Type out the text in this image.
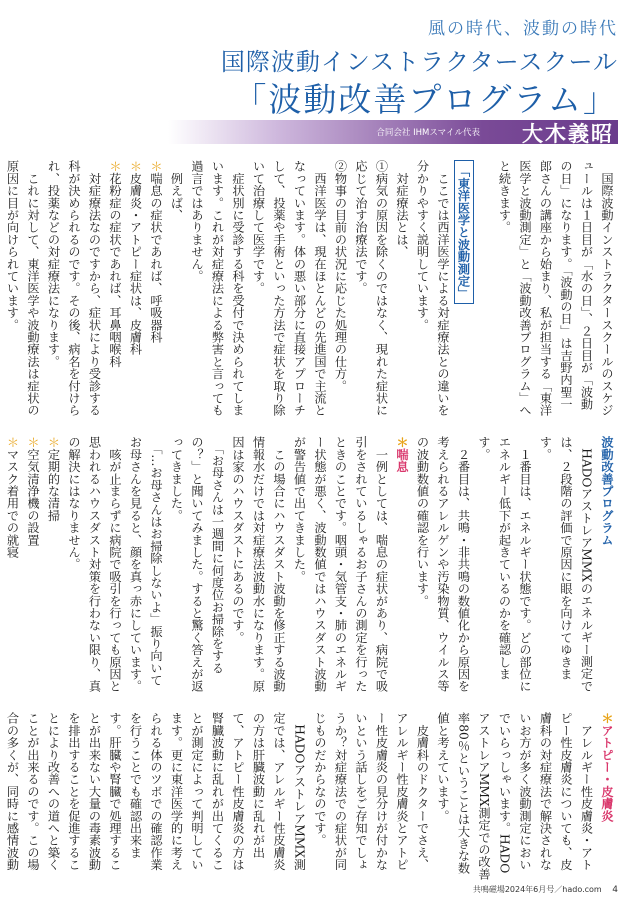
風の時代、波動の時代
国際波動インストラクタースクール
「波動改善プログラム」
合同会社 IHMスマイル代表 大木義昭

　国際波動インストラクタースクールのスケジュールは１日目が「水の日」、２日目が「波動の日」になります。「波動の日」は吉野内聖一郎さんの講座から始まり、私が担当する「東洋医学と波動測定」と「波動改善プログラム」へと続きます。

「東洋医学と波動測定」

　ここでは西洋医学による対症療法との違いを分かりやすく説明しています。

　対症療法とは、

①病気の原因を除くのではなく、現れた症状に応じて治す治療法です。

②物事の目前の状況に応じた処理の仕方。

　西洋医学は、現在ほとんどの先進国で主流となっています。体の悪い部分に直接アプローチして、投薬や手術といった方法で症状を取り除いて治療して医学です。

　症状別に受診する科を受付で決められてしまいます。これが対症療法による弊害と言っても過言ではありません。

　例えば、

＊喘息の症状であれば、呼吸器科

＊皮膚炎・アトピー症状は、皮膚科

＊花粉症の症状であれば、耳鼻咽喉科

　対症療法なのですから、症状により受診する科が決められるのです。その後、病名を付けられ、投薬などの対症療法になります。

　これに対して、東洋医学や波動療法は症状の原因に目が向けられています。

波動改善プログラム

　HADOアストレアMMXのエネルギー測定では、２段階の評価で原因に眼を向けてゆきます。

　１番目は、エネルギー状態です。どの部位にエネルギー低下が起きているのかを確認します。

　２番目は、共鳴・非共鳴の数値化から原因を考えられるアレルゲンや汚染物質、ウイルス等の波動数値の確認を行います。

＊喘息

　一例としては、喘息の症状があり、病院で吸引をされているしゃるお子さんの測定を行ったときのことです。咽頭・気管支・肺のエネルギー状態が悪く、波動数値ではハウスダスト波動が警告値で出てきました。

　この場合にハウスダスト波動を修正する波動情報水だけでは対症療法波動水になります。原因は家のハウスダストにあるのです。

　「お母さんは一週間に何度位お掃除をするの？」と聞いてみました。すると驚く答えが返ってきました。

　「…お母さんはお掃除しないよ」振り向いてお母さんを見ると、顔を真っ赤にしています。

　咳が止まらずに病院で吸引を行っても原因と思われるハウスダスト対策を行わない限り、真の解決にはなりません。

＊定期的な清掃

＊空気清浄機の設置

＊マスク着用での就寝

＊アトピー・皮膚炎

　アレルギー性皮膚炎・アトピー性皮膚炎についても、皮膚科の対症療法で解決されないお方が多く波動測定においでいらっしゃいます。HADOアストレアMMX測定での改善率80％ということは大きな数値と考えています。

　皮膚科のドクターでさえ、アレルギー性皮膚炎とアトピー性皮膚炎の見分けが付かないという話しをご存知でしょうか？対症療法での症状が同じものだからなのです。

　HADOアストレアMMX測定では、アレルギー性皮膚炎の方は肝臓波動に乱れが出て、アトピー性皮膚炎の方は腎臓波動に乱れが出てくることが測定によって判明しています。更に東洋医学的に考えられる体のツボでの確認作業を行うことでも確認出来ます。肝臓や腎臓で処理することが出来ない大量の毒素波動を排出することを促進することにより改善への道へと築くことが出来るのです。この場合の多くが、同時に感情波動

共鳴磁場2024年6月号／hado.com 4
